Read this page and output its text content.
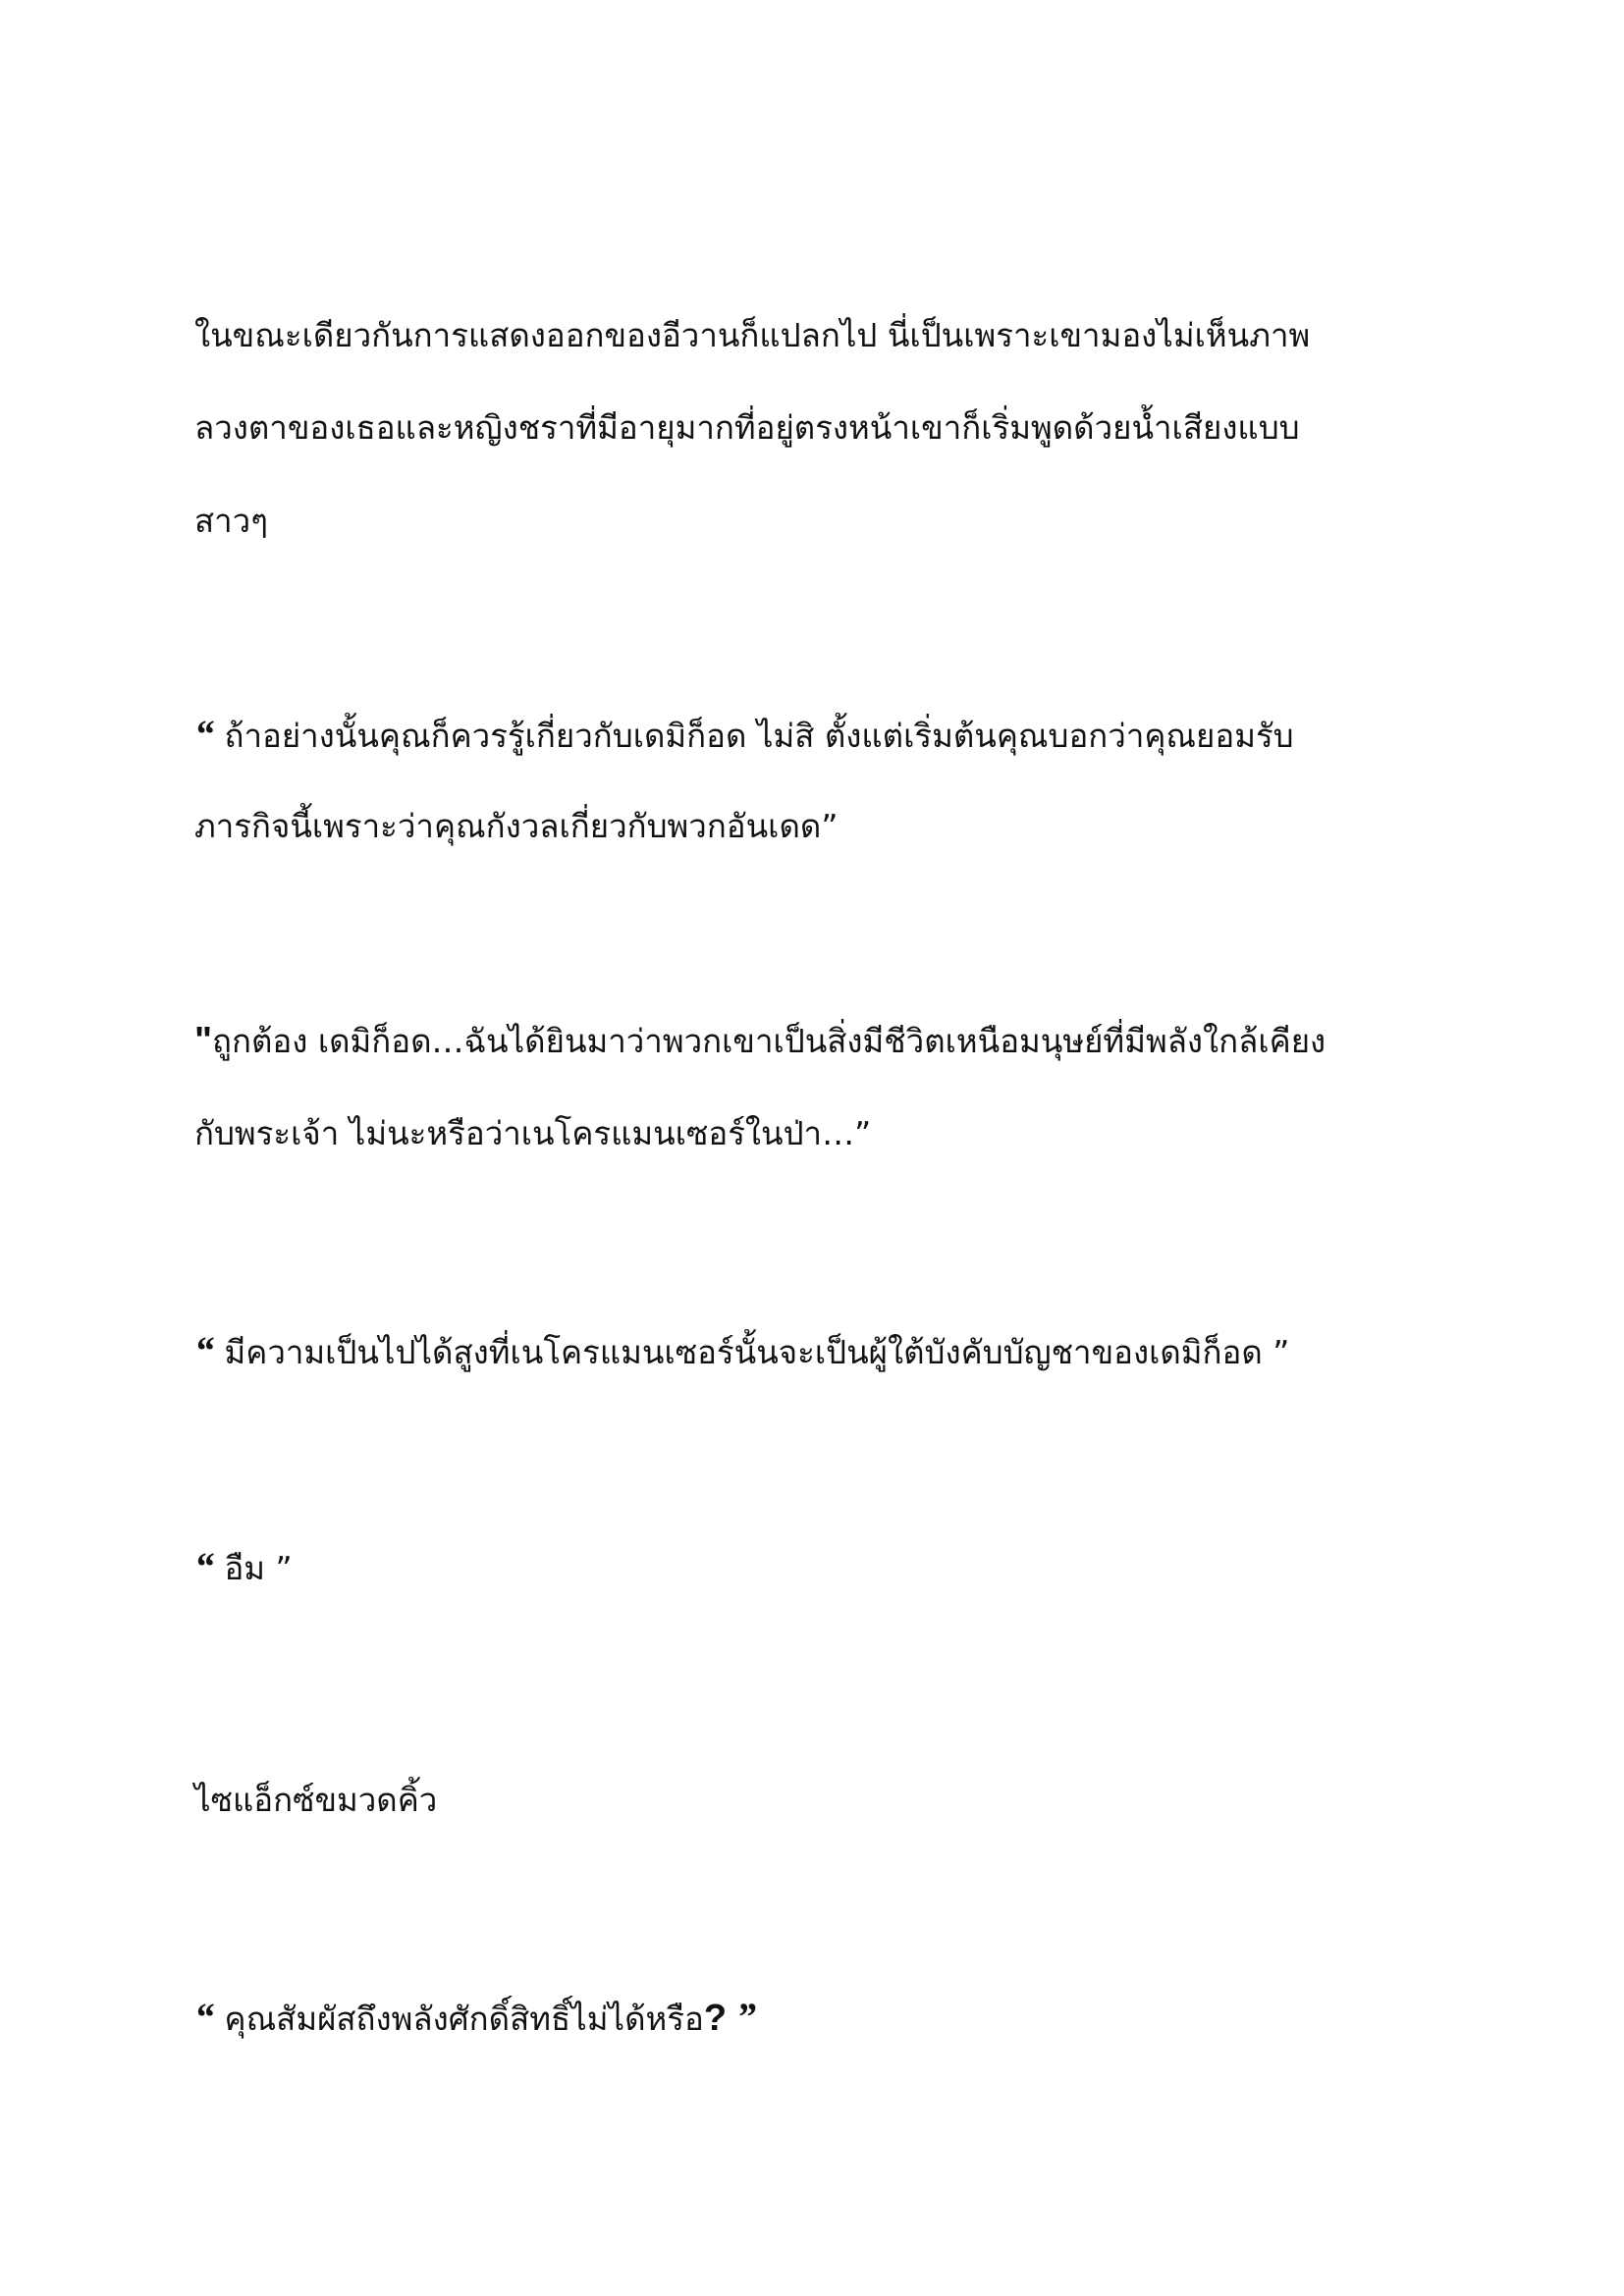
ในขณะเดียวกันการแสดงออกของอีวานก็แปลกไป นี่เป็นเพราะเขามองไม่เห็นภาพ
ลวงตาของเธอและหญิงชราที่มีอายุมากที่อยู่ตรงหน้าเขาก็เริ่มพูดด้วยน้ำเสียงแบบ
สาวๆ
“ ถ้าอย่างนั้นคุณก็ควรรู้เกี่ยวกับเดมิก็อด ไม่สิ ตั้งแต่เริ่มต้นคุณบอกว่าคุณยอมรับ
ภารกิจนี้เพราะว่าคุณกังวลเกี่ยวกับพวกอันเดด”
"ถูกต้อง เดมิก็อด…ฉันได้ยินมาว่าพวกเขาเป็นสิ่งมีชีวิตเหนือมนุษย์ที่มีพลังใกล้เคียง
กับพระเจ้า ไม่นะหรือว่าเนโครแมนเซอร์ในป่า…”
“ มีความเป็นไปได้สูงที่เนโครแมนเซอร์นั้นจะเป็นผู้ใต้บังคับบัญชาของเดมิก็อด ”
“ อืม ”
ไซแอ็กซ์ขมวดคิ้ว
“ คุณสัมผัสถึงพลังศักดิ์สิทธิ์ไม่ได้หรือ? ”
